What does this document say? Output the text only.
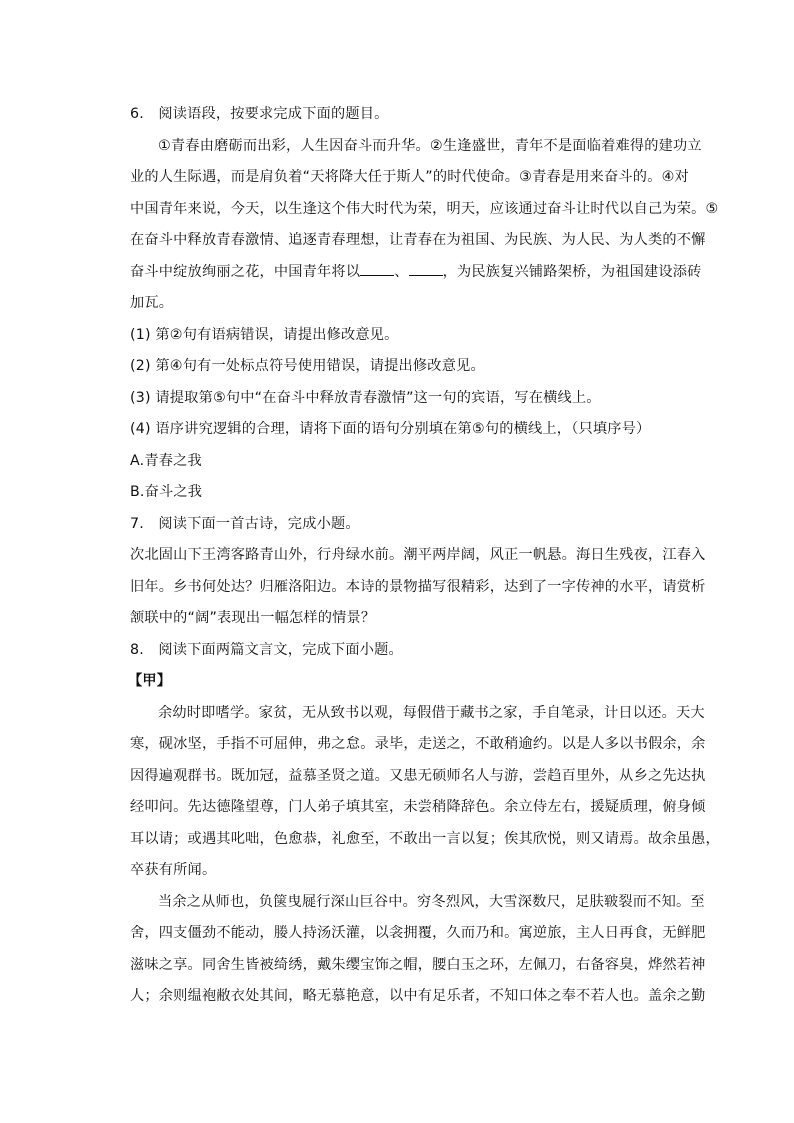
6. 阅读语段，按要求完成下面的题目。
①青春由磨砺而出彩，人生因奋斗而升华。②生逢盛世，青年不是面临着难得的建功立
业的人生际遇，而是肩负着“天将降大任于斯人”的时代使命。③青春是用来奋斗的。④对
中国青年来说，今天，以生逢这个伟大时代为荣，明天，应该通过奋斗让时代以自己为荣。⑤
在奋斗中释放青春激情、追逐青春理想，让青春在为祖国、为民族、为人民、为人类的不懈
奋斗中绽放绚丽之花，中国青年将以 、 ，为民族复兴铺路架桥，为祖国建设添砖
加瓦。
(1) 第②句有语病错误，请提出修改意见。
(2) 第④句有一处标点符号使用错误，请提出修改意见。
(3) 请提取第⑤句中“在奋斗中释放青春激情”这一句的宾语，写在横线上。
(4) 语序讲究逻辑的合理，请将下面的语句分别填在第⑤句的横线上，（只填序号）
A.青春之我
B.奋斗之我
7. 阅读下面一首古诗，完成小题。
次北固山下王湾客路青山外，行舟绿水前。潮平两岸阔，风正一帆悬。海日生残夜，江春入
旧年。乡书何处达？归雁洛阳边。本诗的景物描写很精彩，达到了一字传神的水平，请赏析
颔联中的“阔”表现出一幅怎样的情景？
8. 阅读下面两篇文言文，完成下面小题。
【甲】
余幼时即嗜学。家贫，无从致书以观，每假借于藏书之家，手自笔录，计日以还。天大
寒，砚冰坚，手指不可屈伸，弗之怠。录毕，走送之，不敢稍逾约。以是人多以书假余，余
因得遍观群书。既加冠，益慕圣贤之道。又患无硕师名人与游，尝趋百里外，从乡之先达执
经叩问。先达德隆望尊，门人弟子填其室，未尝稍降辞色。余立侍左右，援疑质理，俯身倾
耳以请；或遇其叱咄，色愈恭，礼愈至，不敢出一言以复；俟其欣悦，则又请焉。故余虽愚，
卒获有所闻。
当余之从师也，负箧曳屣行深山巨谷中。穷冬烈风，大雪深数尺，足肤皲裂而不知。至
舍，四支僵劲不能动，媵人持汤沃灌，以衾拥覆，久而乃和。寓逆旅，主人日再食，无鲜肥
滋味之享。同舍生皆被绮绣，戴朱缨宝饰之帽，腰白玉之环，左佩刀，右备容臭，烨然若神
人；余则缊袍敝衣处其间，略无慕艳意，以中有足乐者，不知口体之奉不若人也。盖余之勤
